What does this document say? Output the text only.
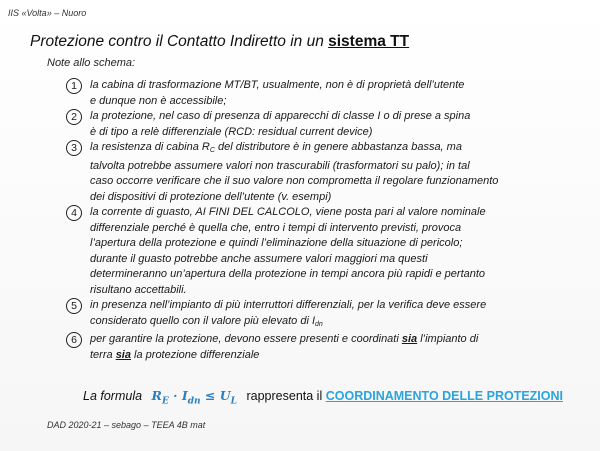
IIS «Volta» – Nuoro
Protezione contro il Contatto Indiretto in un sistema TT
Note allo schema:
1	la cabina di trasformazione MT/BT, usualmente, non è di proprietà dell’utente
e dunque non è accessibile;
2	la protezione, nel caso di presenza di apparecchi di classe I o di prese a spina
è di tipo a relè differenziale (RCD: residual current device)
3	la resistenza di cabina $R_C$ del distributore è in genere abbastanza bassa, ma
talvolta potrebbe assumere valori non trascurabili (trasformatori su palo); in tal
caso occorre verificare che il suo valore non comprometta il regolare funzionamento
dei dispositivi di protezione dell’utente (v. esempi)
4	la corrente di guasto, AI FINI DEL CALCOLO, viene posta pari al valore nominale
differenziale perché è quella che, entro i tempi di intervento previsti, provoca
l’apertura della protezione e quindi l’eliminazione della situazione di pericolo;
durante il guasto potrebbe anche assumere valori maggiori ma questi
determineranno un’apertura della protezione in tempi ancora più rapidi e pertanto
risultano accettabili.
5	in presenza nell’impianto di più interruttori differenziali, per la verifica deve essere
considerato quello con il valore più elevato di $I_{dn}$
6	per garantire la protezione, devono essere presenti e coordinati sia l’impianto di
terra sia la protezione differenziale
La formula $R_E \cdot I_{dn} \le U_L$ rappresenta il COORDINAMENTO DELLE PROTEZIONI
DAD 2020-21 – sebago – TEEA 4B mat
